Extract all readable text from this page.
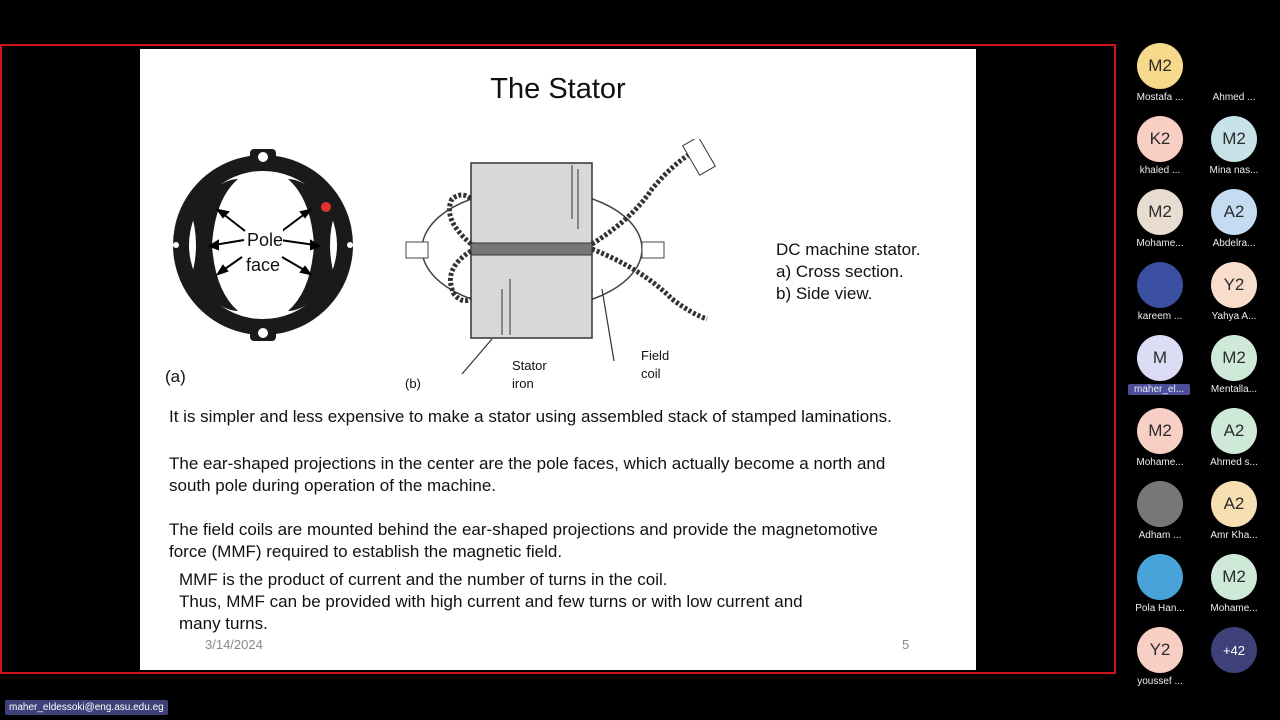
The Stator
Pole
face
(a)
Stator
iron
Field
coil
(b)
DC machine stator.
a) Cross section.
b) Side view.
It is simpler and less expensive to make a stator using assembled stack of stamped laminations.
The ear-shaped projections in the center are the pole faces, which actually become a north and
south pole during operation of the machine.
The field coils are mounted behind the ear-shaped projections and provide the magnetomotive
force (MMF) required to establish the magnetic field.
MMF is the product of current and the number of turns in the coil.
Thus, MMF can be provided with high current and few turns or with low current and
many turns.
3/14/2024	5
M2
Mostafa ...	Ahmed ...
K2
khaled ...
M2
Mina nas...
M2
Mohame...
A2
Abdelra...
kareem ...
Y2
Yahya A...
M
maher_el...
M2
Mentalla...
M2
Mohame...
A2
Ahmed s...
Adham ...
A2
Amr Kha...
Pola Han...
M2
Mohame...
Y2
youssef ...
+42
maher_eldessoki@eng.asu.edu.eg
